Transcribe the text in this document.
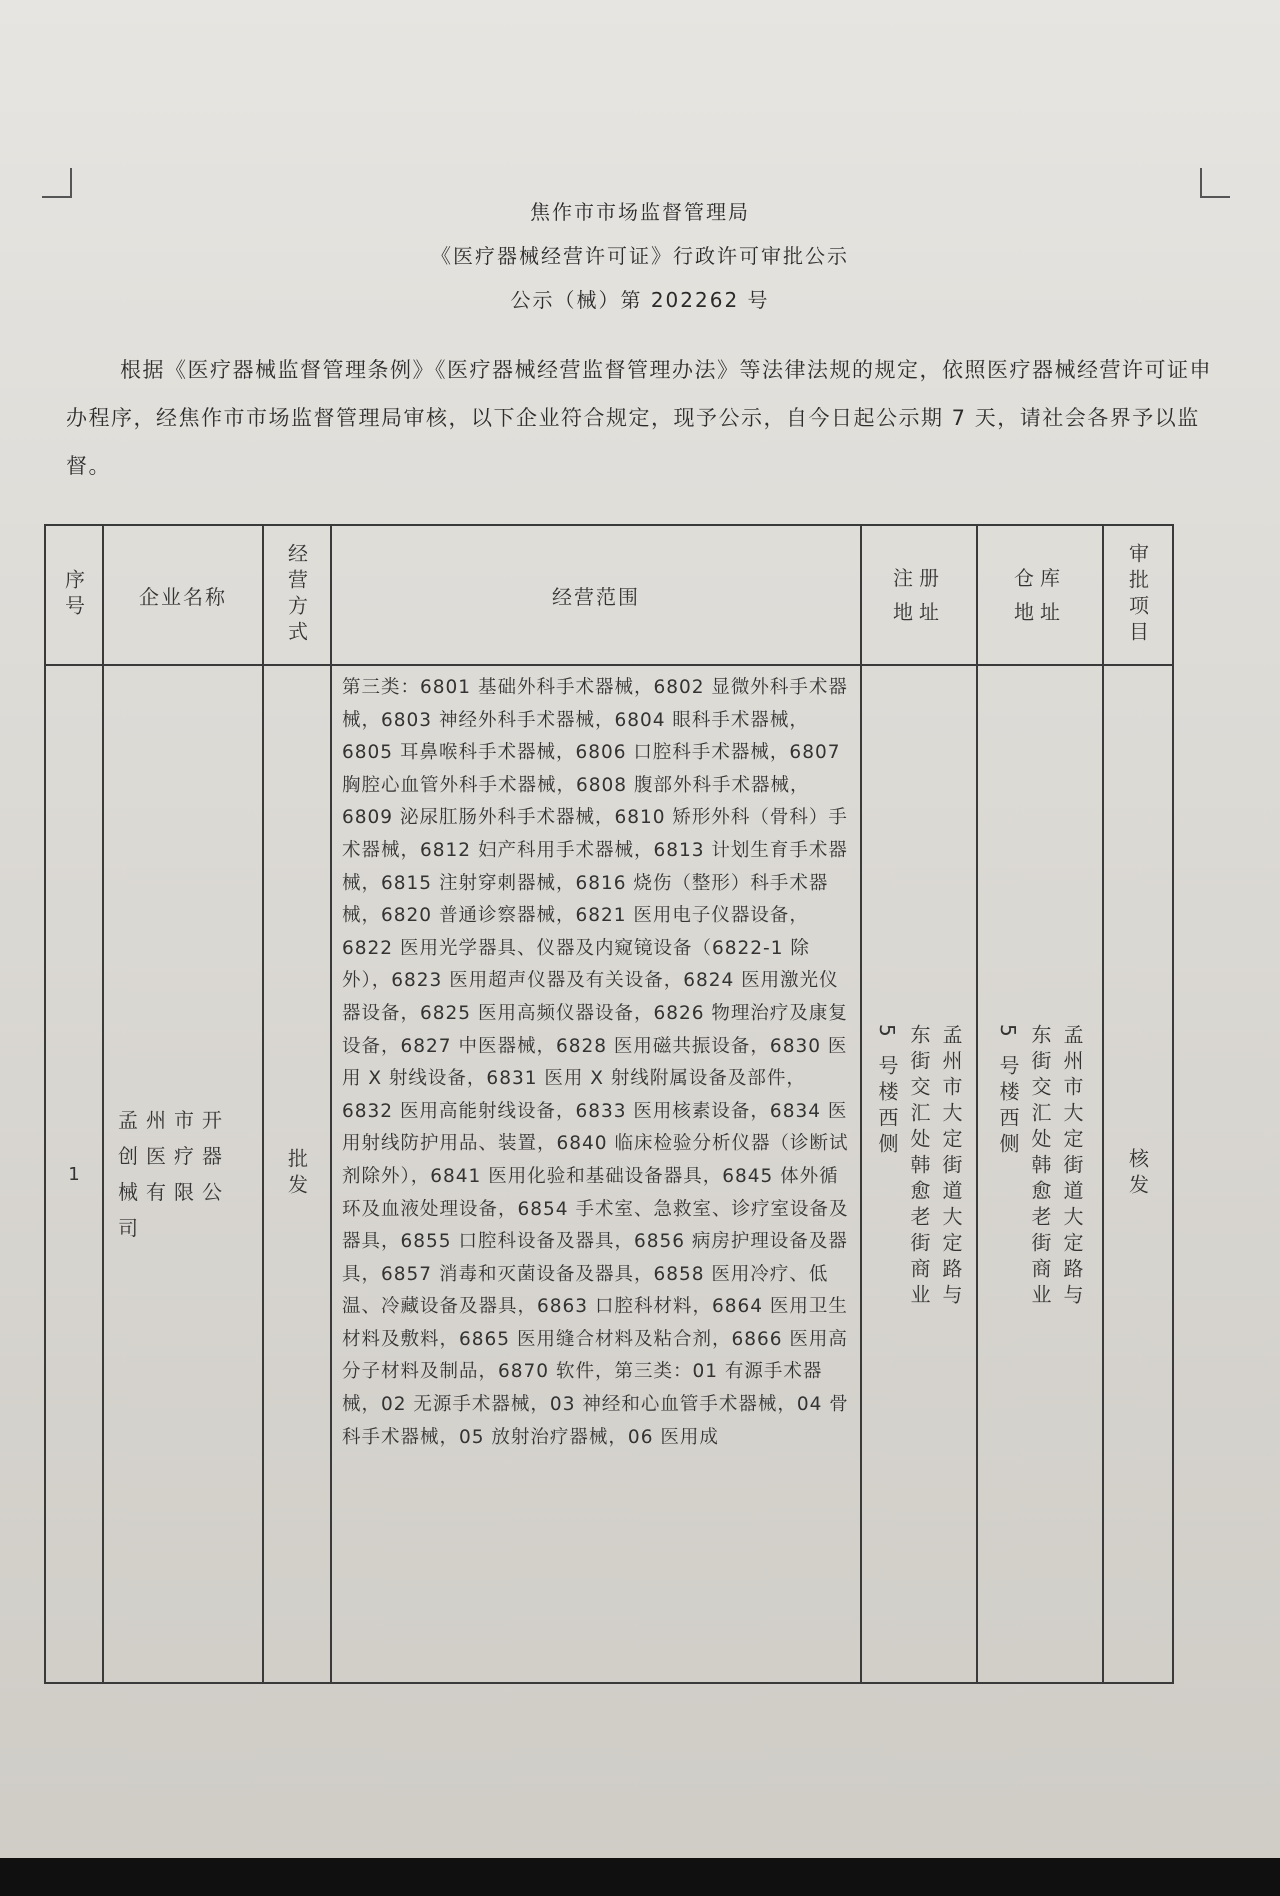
焦作市市场监督管理局
《医疗器械经营许可证》行政许可审批公示
公示（械）第 202262 号
根据《医疗器械监督管理条例》《医疗器械经营监督管理办法》等法律法规的规定，依照医疗器械经营许可证申办程序，经焦作市市场监督管理局审核，以下企业符合规定，现予公示，自今日起公示期 7 天，请社会各界予以监督。
序号	企业名称	经营方式	经营范围	注册地址	仓库地址	审批项目

1	孟州市开创医疗器械有限公司	批发	第三类：6801 基础外科手术器械，6802 显微外科手术器械，6803 神经外科手术器械，6804 眼科手术器械，6805 耳鼻喉科手术器械，6806 口腔科手术器械，6807 胸腔心血管外科手术器械，6808 腹部外科手术器械，6809 泌尿肛肠外科手术器械，6810 矫形外科（骨科）手术器械，6812 妇产科用手术器械，6813 计划生育手术器械，6815 注射穿刺器械，6816 烧伤（整形）科手术器械，6820 普通诊察器械，6821 医用电子仪器设备，6822 医用光学器具、仪器及内窥镜设备（6822-1 除外），6823 医用超声仪器及有关设备，6824 医用激光仪器设备，6825 医用高频仪器设备，6826 物理治疗及康复设备，6827 中医器械，6828 医用磁共振设备，6830 医用 X 射线设备，6831 医用 X 射线附属设备及部件，6832 医用高能射线设备，6833 医用核素设备，6834 医用射线防护用品、装置，6840 临床检验分析仪器（诊断试剂除外），6841 医用化验和基础设备器具，6845 体外循环及血液处理设备，6854 手术室、急救室、诊疗室设备及器具，6855 口腔科设备及器具，6856 病房护理设备及器具，6857 消毒和灭菌设备及器具，6858 医用冷疗、低温、冷藏设备及器具，6863 口腔科材料，6864 医用卫生材料及敷料，6865 医用缝合材料及粘合剂，6866 医用高分子材料及制品，6870 软件，第三类：01 有源手术器械，02 无源手术器械，03 神经和心血管手术器械，04 骨科手术器械，05 放射治疗器械，06 医用成	孟州市大定街道大定路与东街交汇处韩愈老街商业 5 号楼西侧	孟州市大定街道大定路与东街交汇处韩愈老街商业 5 号楼西侧	核发
